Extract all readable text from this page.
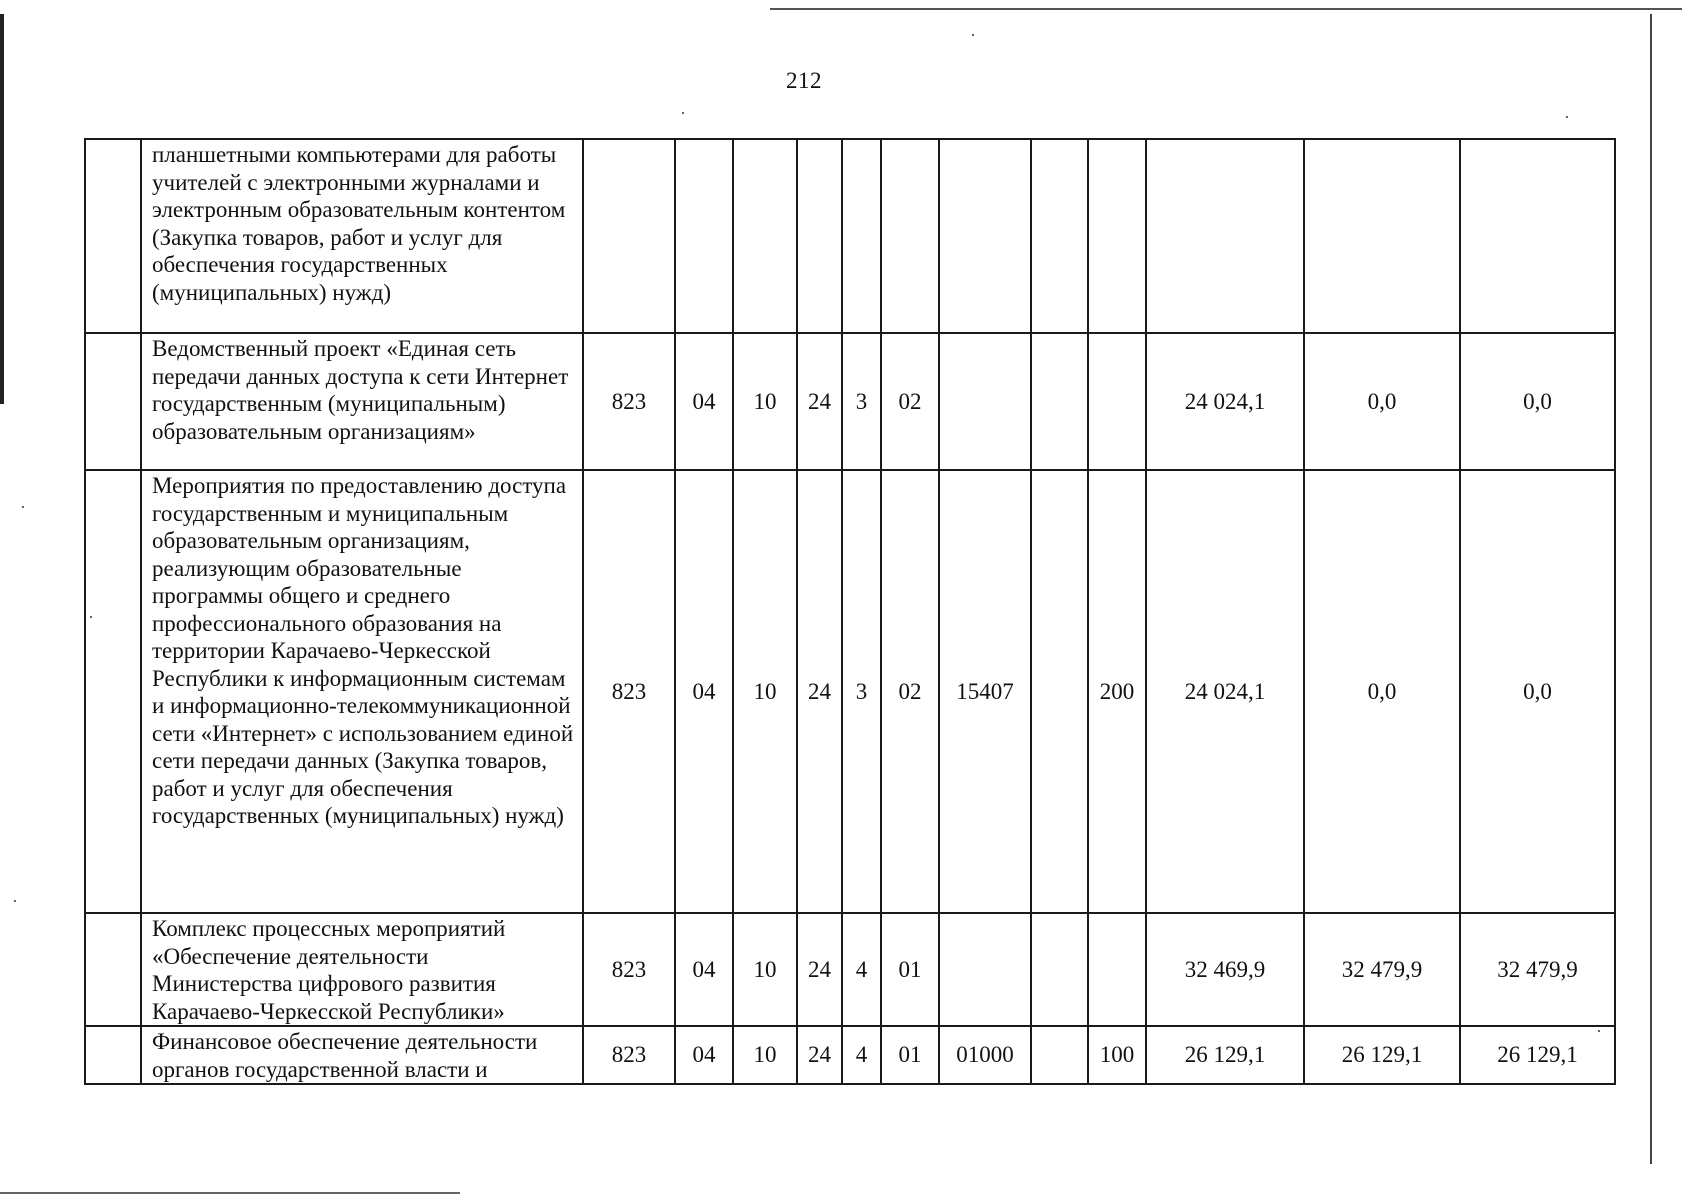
212
	планшетными компьютерами для работы учителей с электронными журналами и электронным образовательным контентом (Закупка товаров, работ и услуг для обеспечения государственных (муниципальных) нужд)												
	Ведомственный проект «Единая сеть передачи данных доступа к сети Интернет государственным (муниципальным) образовательным организациям»	823	04	10	24	3	02				24 024,1	0,0	0,0
	Мероприятия по предоставлению доступа государственным и муниципальным образовательным организациям, реализующим образовательные программы общего и среднего профессионального образования на территории Карачаево-Черкесской Республики к информационным системам и информационно-телекоммуникационной сети «Интернет» с использованием единой сети передачи данных (Закупка товаров, работ и услуг для обеспечения государственных (муниципальных) нужд)	823	04	10	24	3	02	15407		200	24 024,1	0,0	0,0
	Комплекс процессных мероприятий «Обеспечение деятельности Министерства цифрового развития Карачаево-Черкесской Республики»	823	04	10	24	4	01				32 469,9	32 479,9	32 479,9
	Финансовое обеспечение деятельности органов государственной власти и	823	04	10	24	4	01	01000		100	26 129,1	26 129,1	26 129,1
